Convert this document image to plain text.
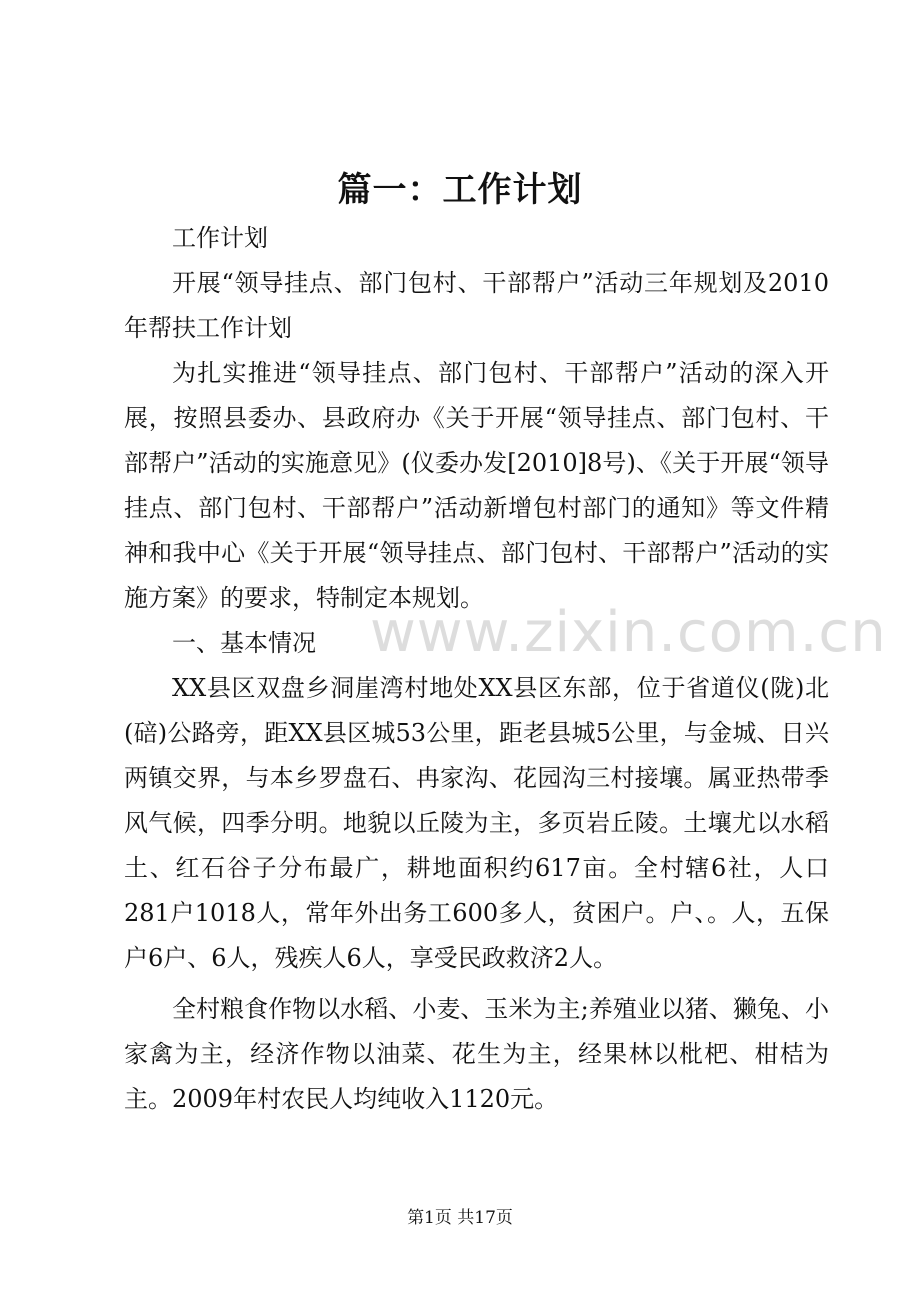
篇一：工作计划

工作计划

开展“领导挂点、部门包村、干部帮户”活动三年规划及2010年帮扶工作计划

为扎实推进“领导挂点、部门包村、干部帮户”活动的深入开展，按照县委办、县政府办《关于开展“领导挂点、部门包村、干部帮户”活动的实施意见》(仪委办发[2010]8号)、《关于开展“领导挂点、部门包村、干部帮户”活动新增包村部门的通知》等文件精神和我中心《关于开展“领导挂点、部门包村、干部帮户”活动的实施方案》的要求，特制定本规划。

一、基本情况

XX县区双盘乡洞崖湾村地处XX县区东部，位于省道仪(陇)北(碚)公路旁，距XX县区城53公里，距老县城5公里，与金城、日兴两镇交界，与本乡罗盘石、冉家沟、花园沟三村接壤。属亚热带季风气候，四季分明。地貌以丘陵为主，多页岩丘陵。土壤尤以水稻土、红石谷子分布最广，耕地面积约617亩。全村辖6社，人口281户1018人，常年外出务工600多人，贫困户。户、。人，五保户6户、6人，残疾人6人，享受民政救济2人。

全村粮食作物以水稻、小麦、玉米为主;养殖业以猪、獭兔、小家禽为主，经济作物以油菜、花生为主，经果林以枇杷、柑桔为主。2009年村农民人均纯收入1120元。

www.zixin.com.cn
第1页 共17页
